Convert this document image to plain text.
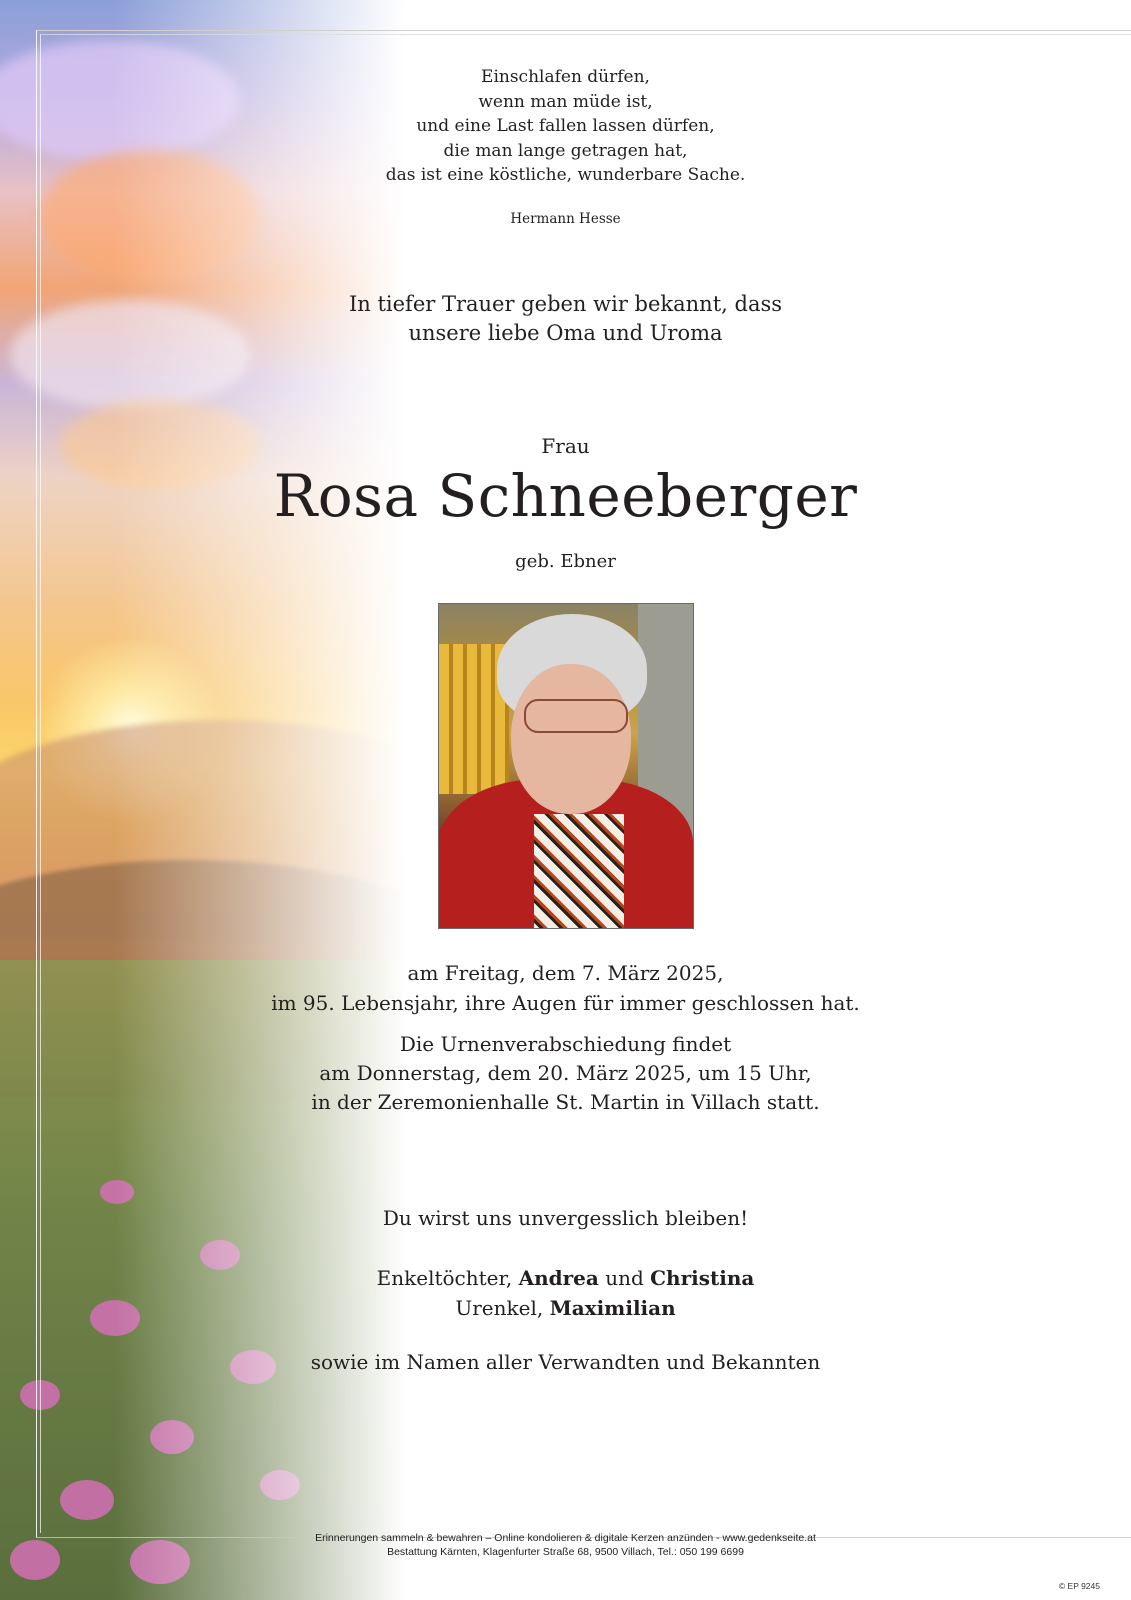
Einschlafen dürfen,
wenn man müde ist,
und eine Last fallen lassen dürfen,
die man lange getragen hat,
das ist eine köstliche, wunderbare Sache.
Hermann Hesse
In tiefer Trauer geben wir bekannt, dass
unsere liebe Oma und Uroma
Frau
Rosa Schneeberger
geb. Ebner
am Freitag, dem 7. März 2025,
im 95. Lebensjahr, ihre Augen für immer geschlossen hat.
Die Urnenverabschiedung findet
am Donnerstag, dem 20. März 2025, um 15 Uhr,
in der Zeremonienhalle St. Martin in Villach statt.
Du wirst uns unvergesslich bleiben!
Enkeltöchter, Andrea und Christina
Urenkel, Maximilian
sowie im Namen aller Verwandten und Bekannten
Erinnerungen sammeln & bewahren – Online kondolieren & digitale Kerzen anzünden - www.gedenkseite.at
Bestattung Kärnten, Klagenfurter Straße 68, 9500 Villach, Tel.: 050 199 6699
© EP 9245
